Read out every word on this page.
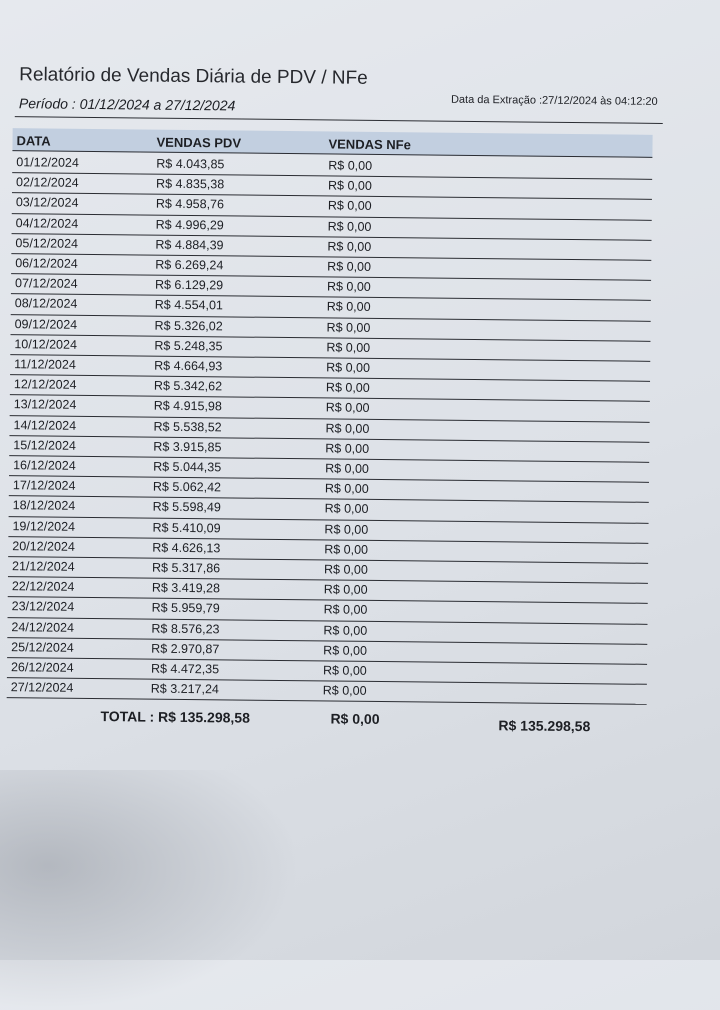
Relatório de Vendas Diária de PDV / NFe
Período : 01/12/2024 a 27/12/2024	Data da Extração :27/12/2024 às 04:12:20
DATA	VENDAS PDV	VENDAS NFe
01/12/2024	R$ 4.043,85	R$ 0,00
02/12/2024	R$ 4.835,38	R$ 0,00
03/12/2024	R$ 4.958,76	R$ 0,00
04/12/2024	R$ 4.996,29	R$ 0,00
05/12/2024	R$ 4.884,39	R$ 0,00
06/12/2024	R$ 6.269,24	R$ 0,00
07/12/2024	R$ 6.129,29	R$ 0,00
08/12/2024	R$ 4.554,01	R$ 0,00
09/12/2024	R$ 5.326,02	R$ 0,00
10/12/2024	R$ 5.248,35	R$ 0,00
11/12/2024	R$ 4.664,93	R$ 0,00
12/12/2024	R$ 5.342,62	R$ 0,00
13/12/2024	R$ 4.915,98	R$ 0,00
14/12/2024	R$ 5.538,52	R$ 0,00
15/12/2024	R$ 3.915,85	R$ 0,00
16/12/2024	R$ 5.044,35	R$ 0,00
17/12/2024	R$ 5.062,42	R$ 0,00
18/12/2024	R$ 5.598,49	R$ 0,00
19/12/2024	R$ 5.410,09	R$ 0,00
20/12/2024	R$ 4.626,13	R$ 0,00
21/12/2024	R$ 5.317,86	R$ 0,00
22/12/2024	R$ 3.419,28	R$ 0,00
23/12/2024	R$ 5.959,79	R$ 0,00
24/12/2024	R$ 8.576,23	R$ 0,00
25/12/2024	R$ 2.970,87	R$ 0,00
26/12/2024	R$ 4.472,35	R$ 0,00
27/12/2024	R$ 3.217,24	R$ 0,00
TOTAL : R$ 135.298,58	R$ 0,00	R$ 135.298,58
